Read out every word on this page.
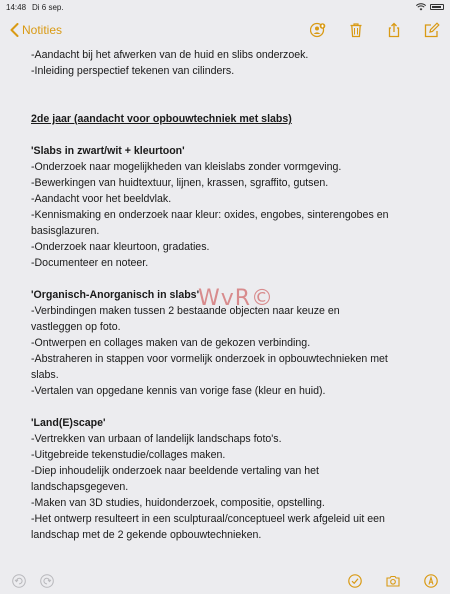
14:48 Di 6 sep.
Notities

-Aandacht bij het afwerken van de huid en slibs onderzoek.

-Inleiding perspectief tekenen van cilinders.

2de jaar (aandacht voor opbouwtechniek met slabs)

'Slabs in zwart/wit + kleurtoon'

-Onderzoek naar mogelijkheden van kleislabs zonder vormgeving.

-Bewerkingen van huidtextuur, lijnen, krassen, sgraffito, gutsen.

-Aandacht voor het beeldvlak.

-Kennismaking en onderzoek naar kleur: oxides, engobes, sinterengobes en

basisglazuren.

-Onderzoek naar kleurtoon, gradaties.

-Documenteer en noteer.

'Organisch-Anorganisch in slabs'

-Verbindingen maken tussen 2 bestaande objecten naar keuze en

vastleggen op foto.

-Ontwerpen en collages maken van de gekozen verbinding.

-Abstraheren in stappen voor vormelijk onderzoek in opbouwtechnieken met

slabs.

-Vertalen van opgedane kennis van vorige fase (kleur en huid).

'Land(E)scape'

-Vertrekken van urbaan of landelijk landschaps foto's.

-Uitgebreide tekenstudie/collages maken.

-Diep inhoudelijk onderzoek naar beeldende vertaling van het

landschapsgegeven.

-Maken van 3D studies, huidonderzoek, compositie, opstelling.

-Het ontwerp resulteert in een sculpturaal/conceptueel werk afgeleid uit een

landschap met de 2 gekende opbouwtechnieken.

WvR©
